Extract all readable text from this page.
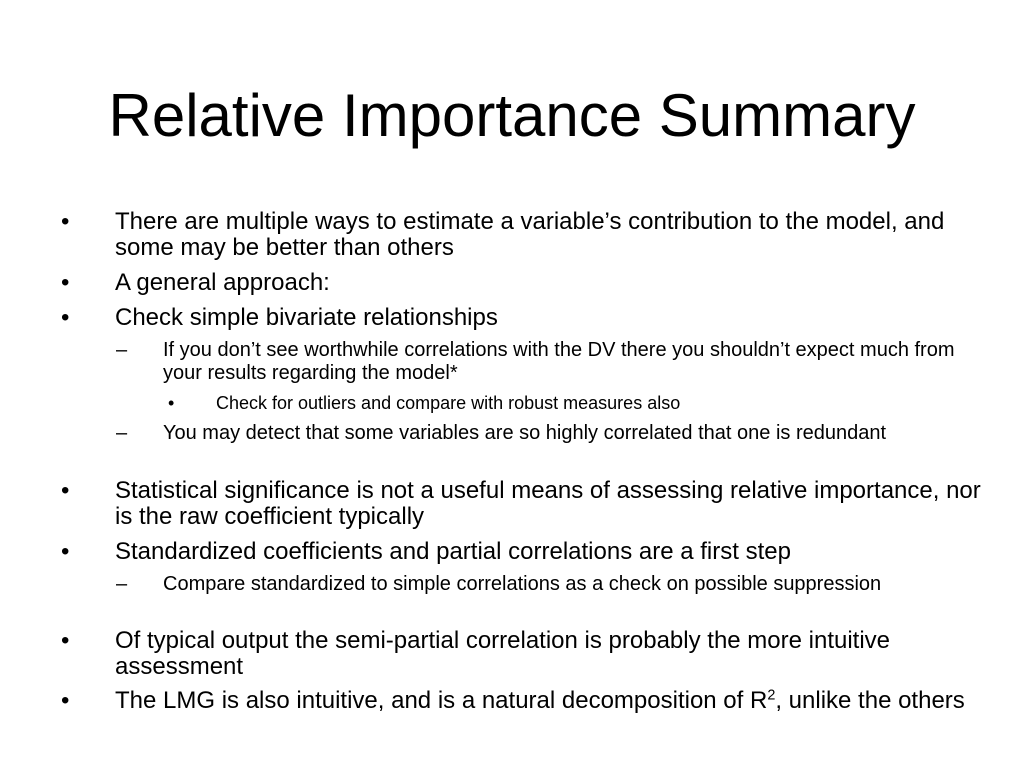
Relative Importance Summary
• There are multiple ways to estimate a variable’s contribution to the model, and some may be better than others
• A general approach:
• Check simple bivariate relationships
– If you don’t see worthwhile correlations with the DV there you shouldn’t expect much from your results regarding the model*
• Check for outliers and compare with robust measures also
– You may detect that some variables are so highly correlated that one is redundant
• Statistical significance is not a useful means of assessing relative importance, nor is the raw coefficient typically
• Standardized coefficients and partial correlations are a first step
– Compare standardized to simple correlations as a check on possible suppression
• Of typical output the semi-partial correlation is probably the more intuitive assessment
• The LMG is also intuitive, and is a natural decomposition of $R^2$, unlike the others
